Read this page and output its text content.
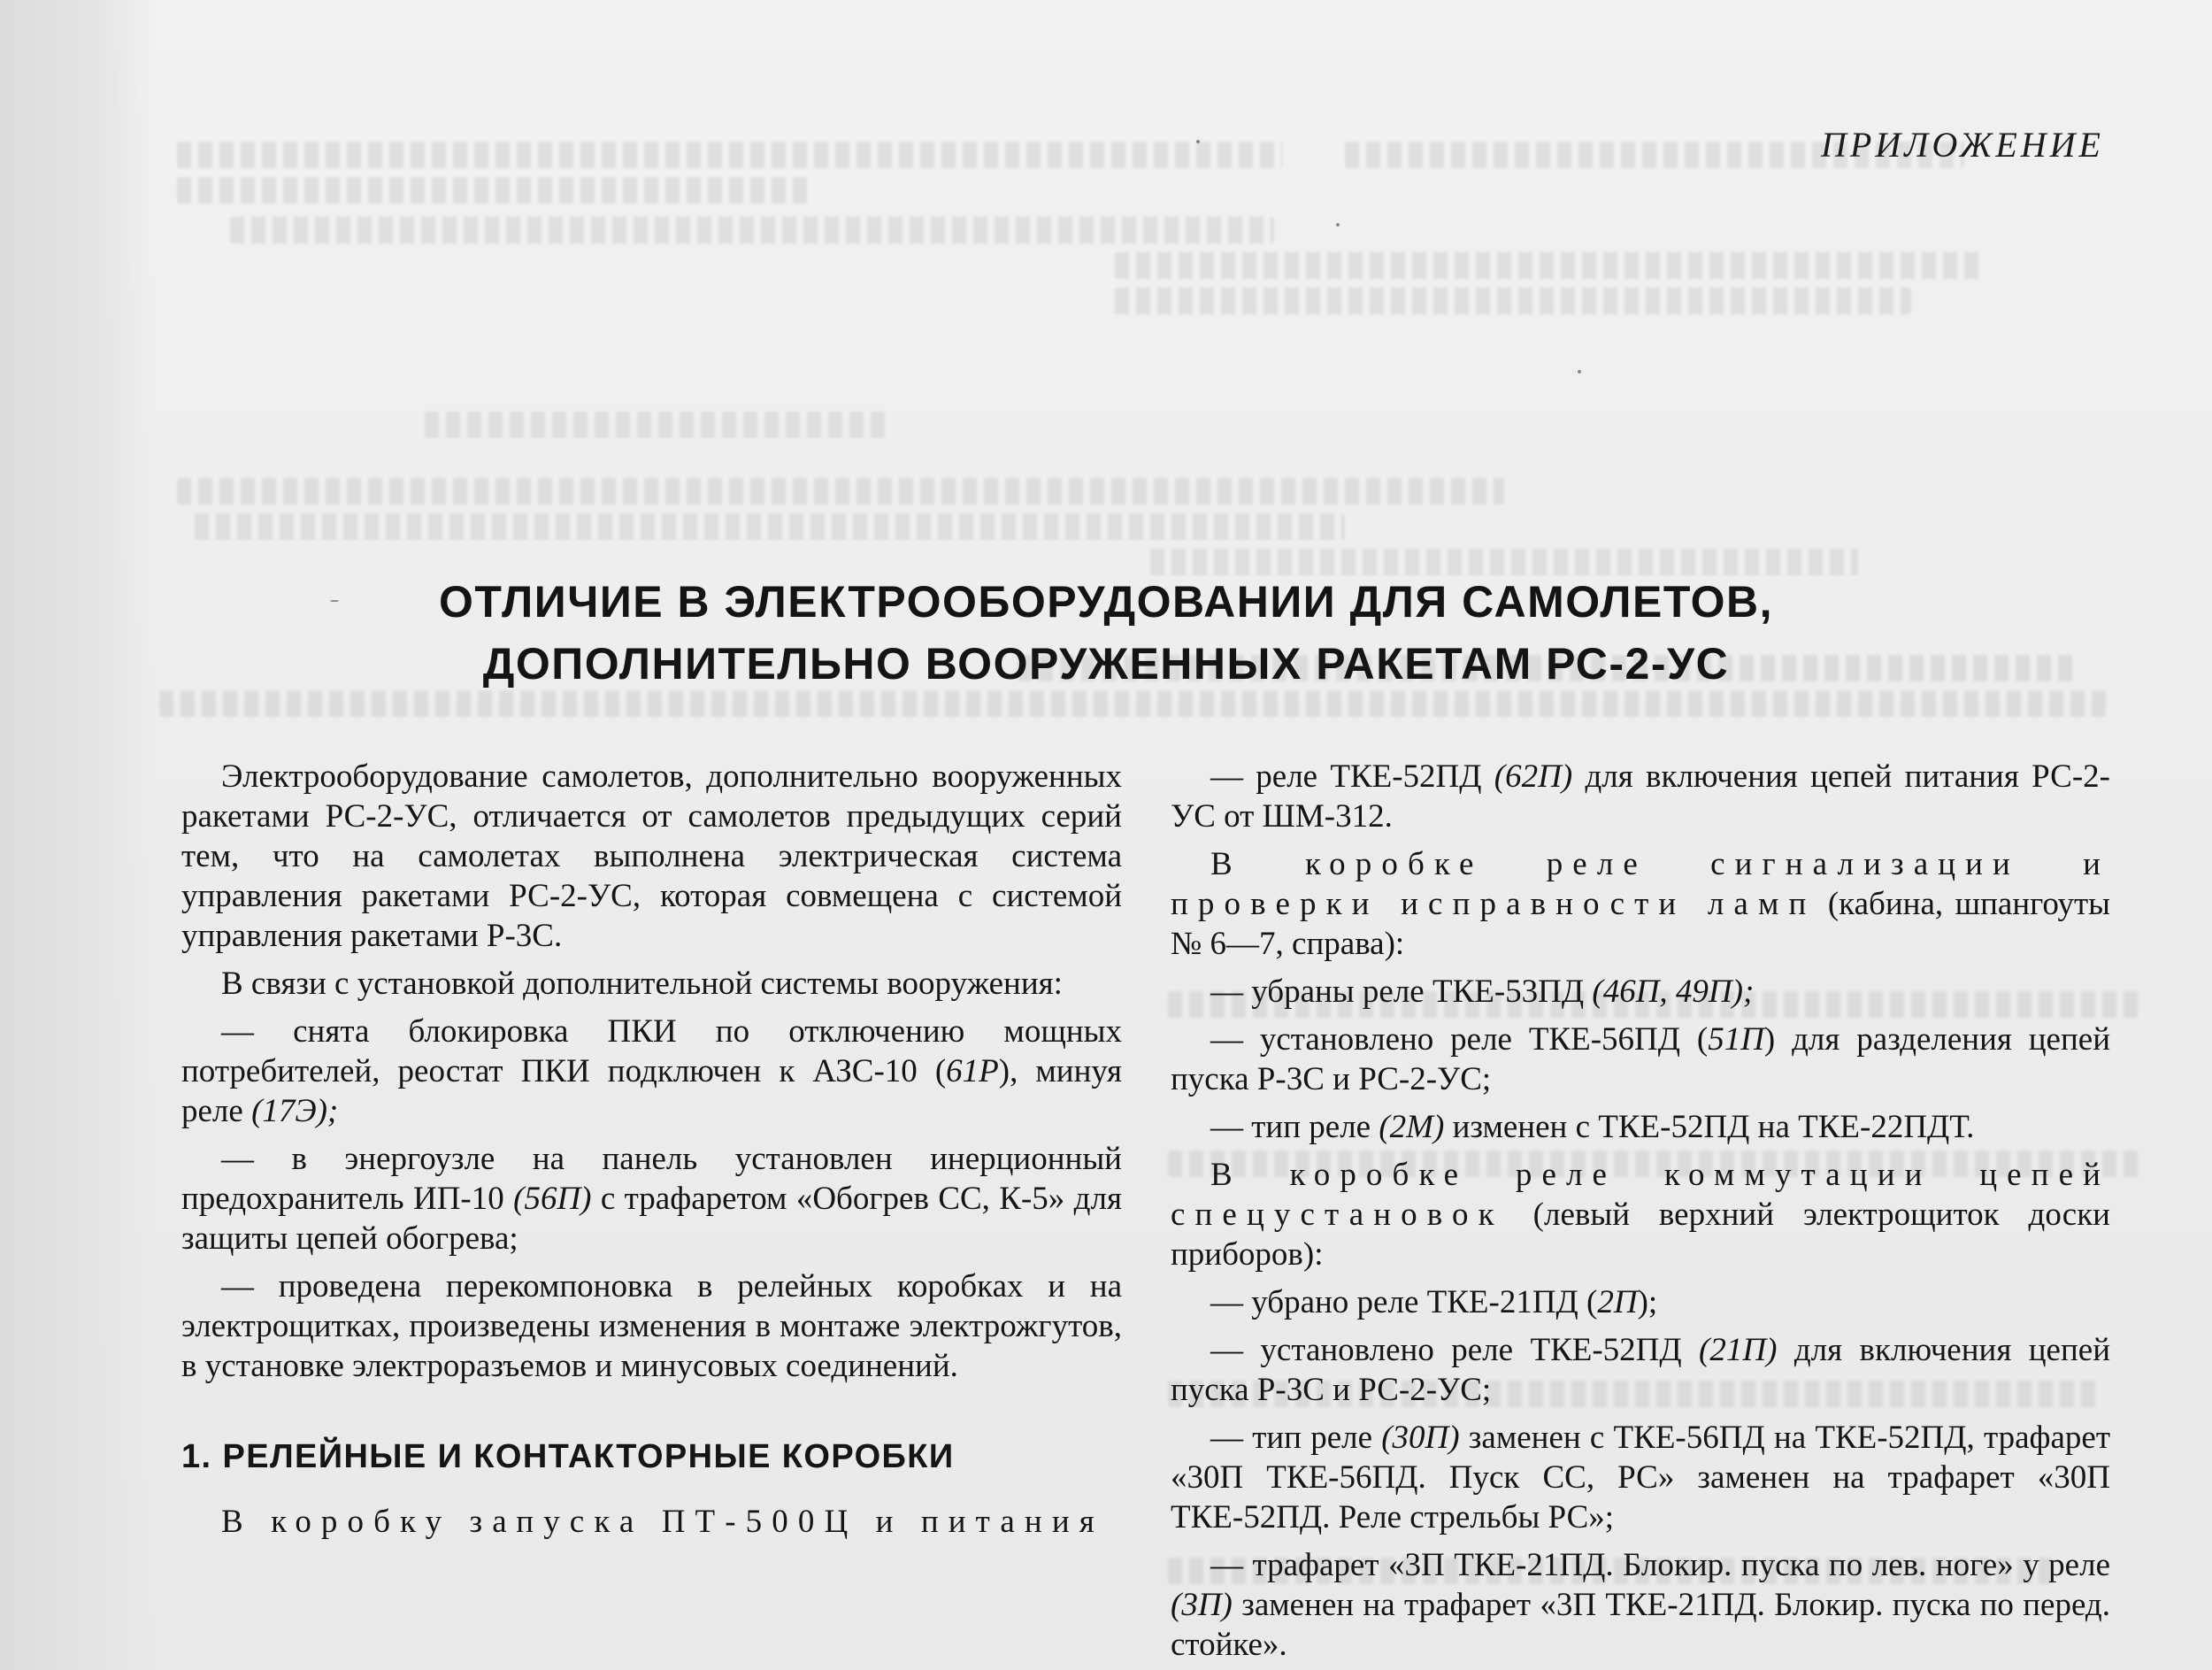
ПРИЛОЖЕНИЕ
ОТЛИЧИЕ В ЭЛЕКТРООБОРУДОВАНИИ ДЛЯ САМОЛЕТОВ,
ДОПОЛНИТЕЛЬНО ВООРУЖЕННЫХ РАКЕТАМ РС-2-УС

Электрооборудование самолетов, дополнительно вооруженных ракетами РС-2-УС, отличается от самолетов предыдущих серий тем, что на самолетах выполнена электрическая система управления ракетами РС-2-УС, которая совмещена с системой управления ракетами Р-3С.

В связи с установкой дополнительной системы вооружения:

— снята блокировка ПКИ по отключению мощных потребителей, реостат ПКИ подключен к АЗС-10 (61Р), минуя реле (17Э);

— в энергоузле на панель установлен инерционный предохранитель ИП-10 (56П) с трафаретом «Обогрев СС, К-5» для защиты цепей обогрева;

— проведена перекомпоновка в релейных коробках и на электрощитках, произведены изменения в монтаже электрожгутов, в установке электроразъемов и минусовых соединений.

1. РЕЛЕЙНЫЕ И КОНТАКТОРНЫЕ КОРОБКИ

В коробку запуска ПТ-500Ц и питания

— реле ТКЕ-52ПД (62П) для включения цепей питания РС-2-УС от ШМ-312.

В коробке реле сигнализации и проверки исправности ламп (кабина, шпангоуты № 6—7, справа):

— убраны реле ТКЕ-53ПД (46П, 49П);

— установлено реле ТКЕ-56ПД (51П) для разделения цепей пуска Р-3С и РС-2-УС;

— тип реле (2М) изменен с ТКЕ-52ПД на ТКЕ-22ПДТ.

В коробке реле коммутации цепей спецустановок (левый верхний электрощиток доски приборов):

— убрано реле ТКЕ-21ПД (2П);

— установлено реле ТКЕ-52ПД (21П) для включения цепей пуска Р-3С и РС-2-УС;

— тип реле (30П) заменен с ТКЕ-56ПД на ТКЕ-52ПД, трафарет «30П ТКЕ-56ПД. Пуск СС, РС» заменен на трафарет «30П ТКЕ-52ПД. Реле стрельбы РС»;

— трафарет «3П ТКЕ-21ПД. Блокир. пуска по лев. ноге» у реле (3П) заменен на трафарет «3П ТКЕ-21ПД. Блокир. пуска по перед. стойке».
